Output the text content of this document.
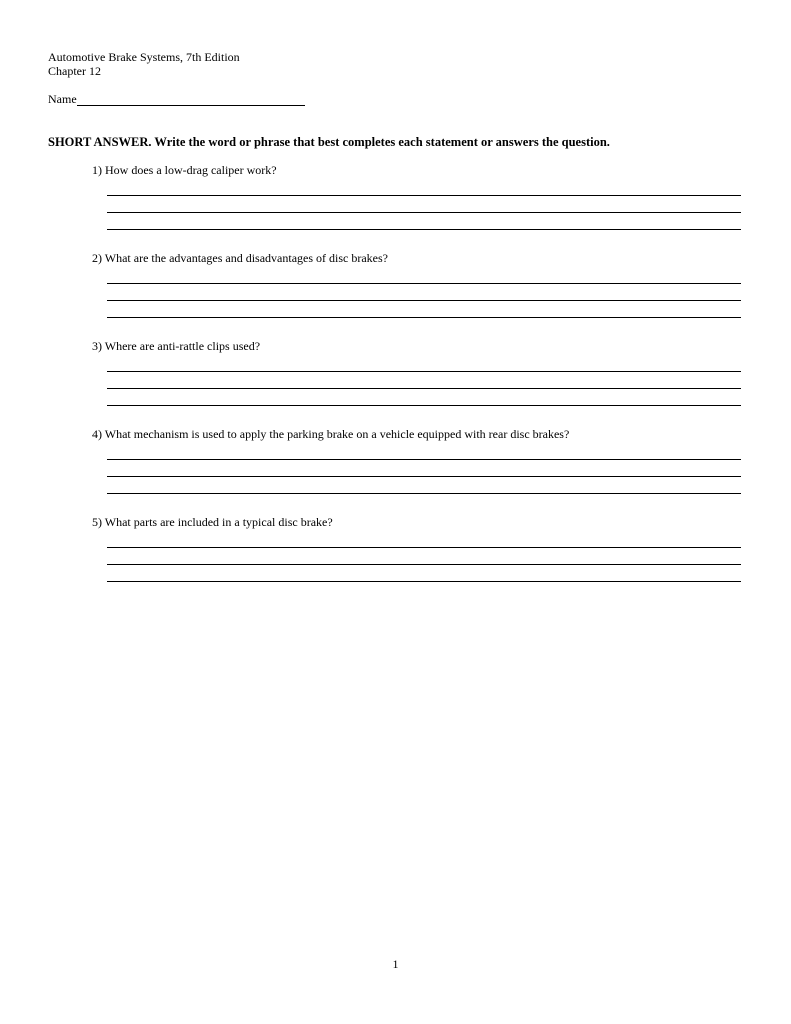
Automotive Brake Systems, 7th Edition
Chapter 12
Name
SHORT ANSWER. Write the word or phrase that best completes each statement or answers the question.
1) How does a low-drag caliper work?
2) What are the advantages and disadvantages of disc brakes?
3) Where are anti-rattle clips used?
4) What mechanism is used to apply the parking brake on a vehicle equipped with rear disc brakes?
5) What parts are included in a typical disc brake?
1
